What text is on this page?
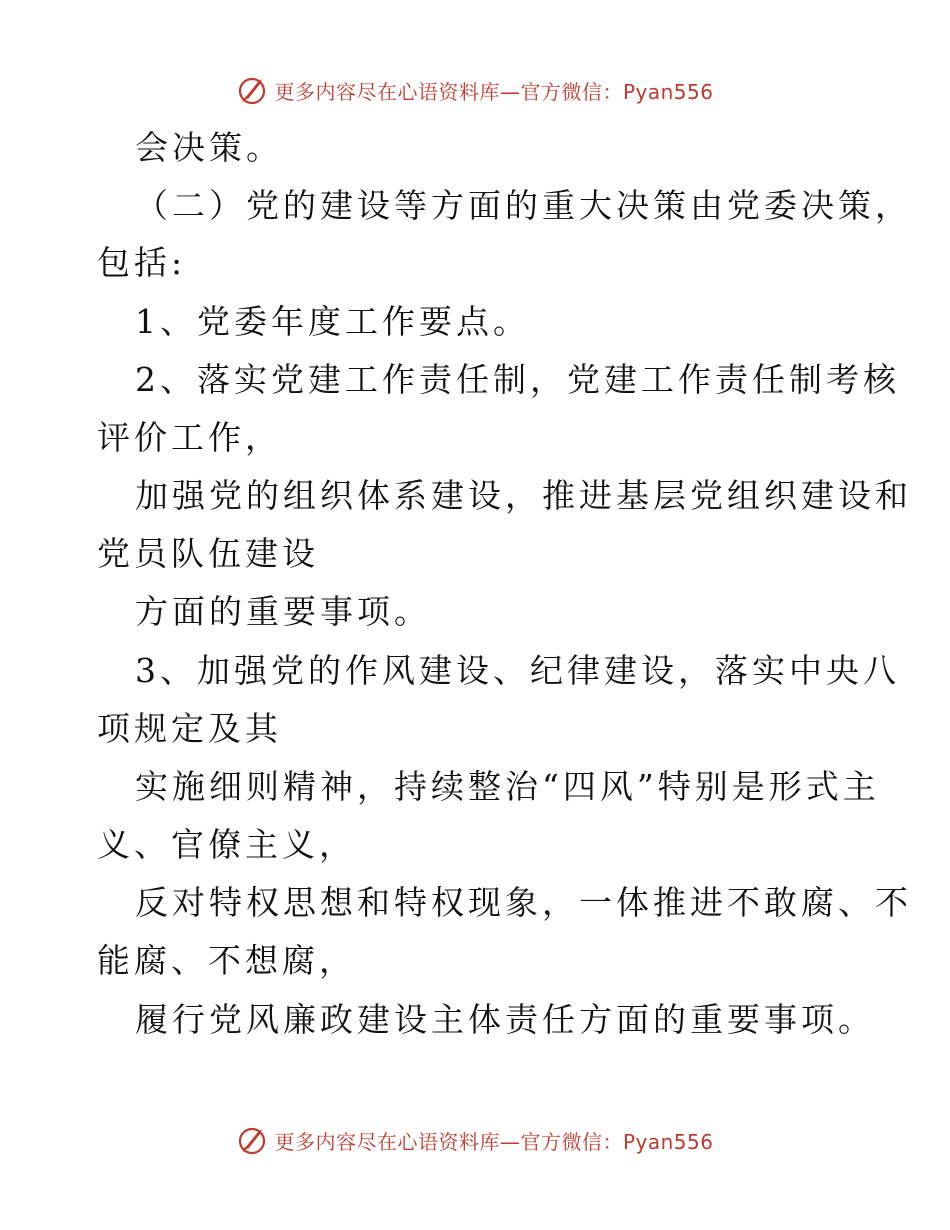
更多内容尽在心语资料库—官方微信：Pyan556
会决策。
（二）党的建设等方面的重大决策由党委决策，
包括:
1、党委年度工作要点。
2、落实党建工作责任制，党建工作责任制考核
评价工作，
加强党的组织体系建设，推进基层党组织建设和
党员队伍建设
方面的重要事项。
3、加强党的作风建设、纪律建设，落实中央八
项规定及其
实施细则精神，持续整治“四风”特别是形式主
义、官僚主义，
反对特权思想和特权现象，一体推进不敢腐、不
能腐、不想腐，
履行党风廉政建设主体责任方面的重要事项。
更多内容尽在心语资料库—官方微信：Pyan556
